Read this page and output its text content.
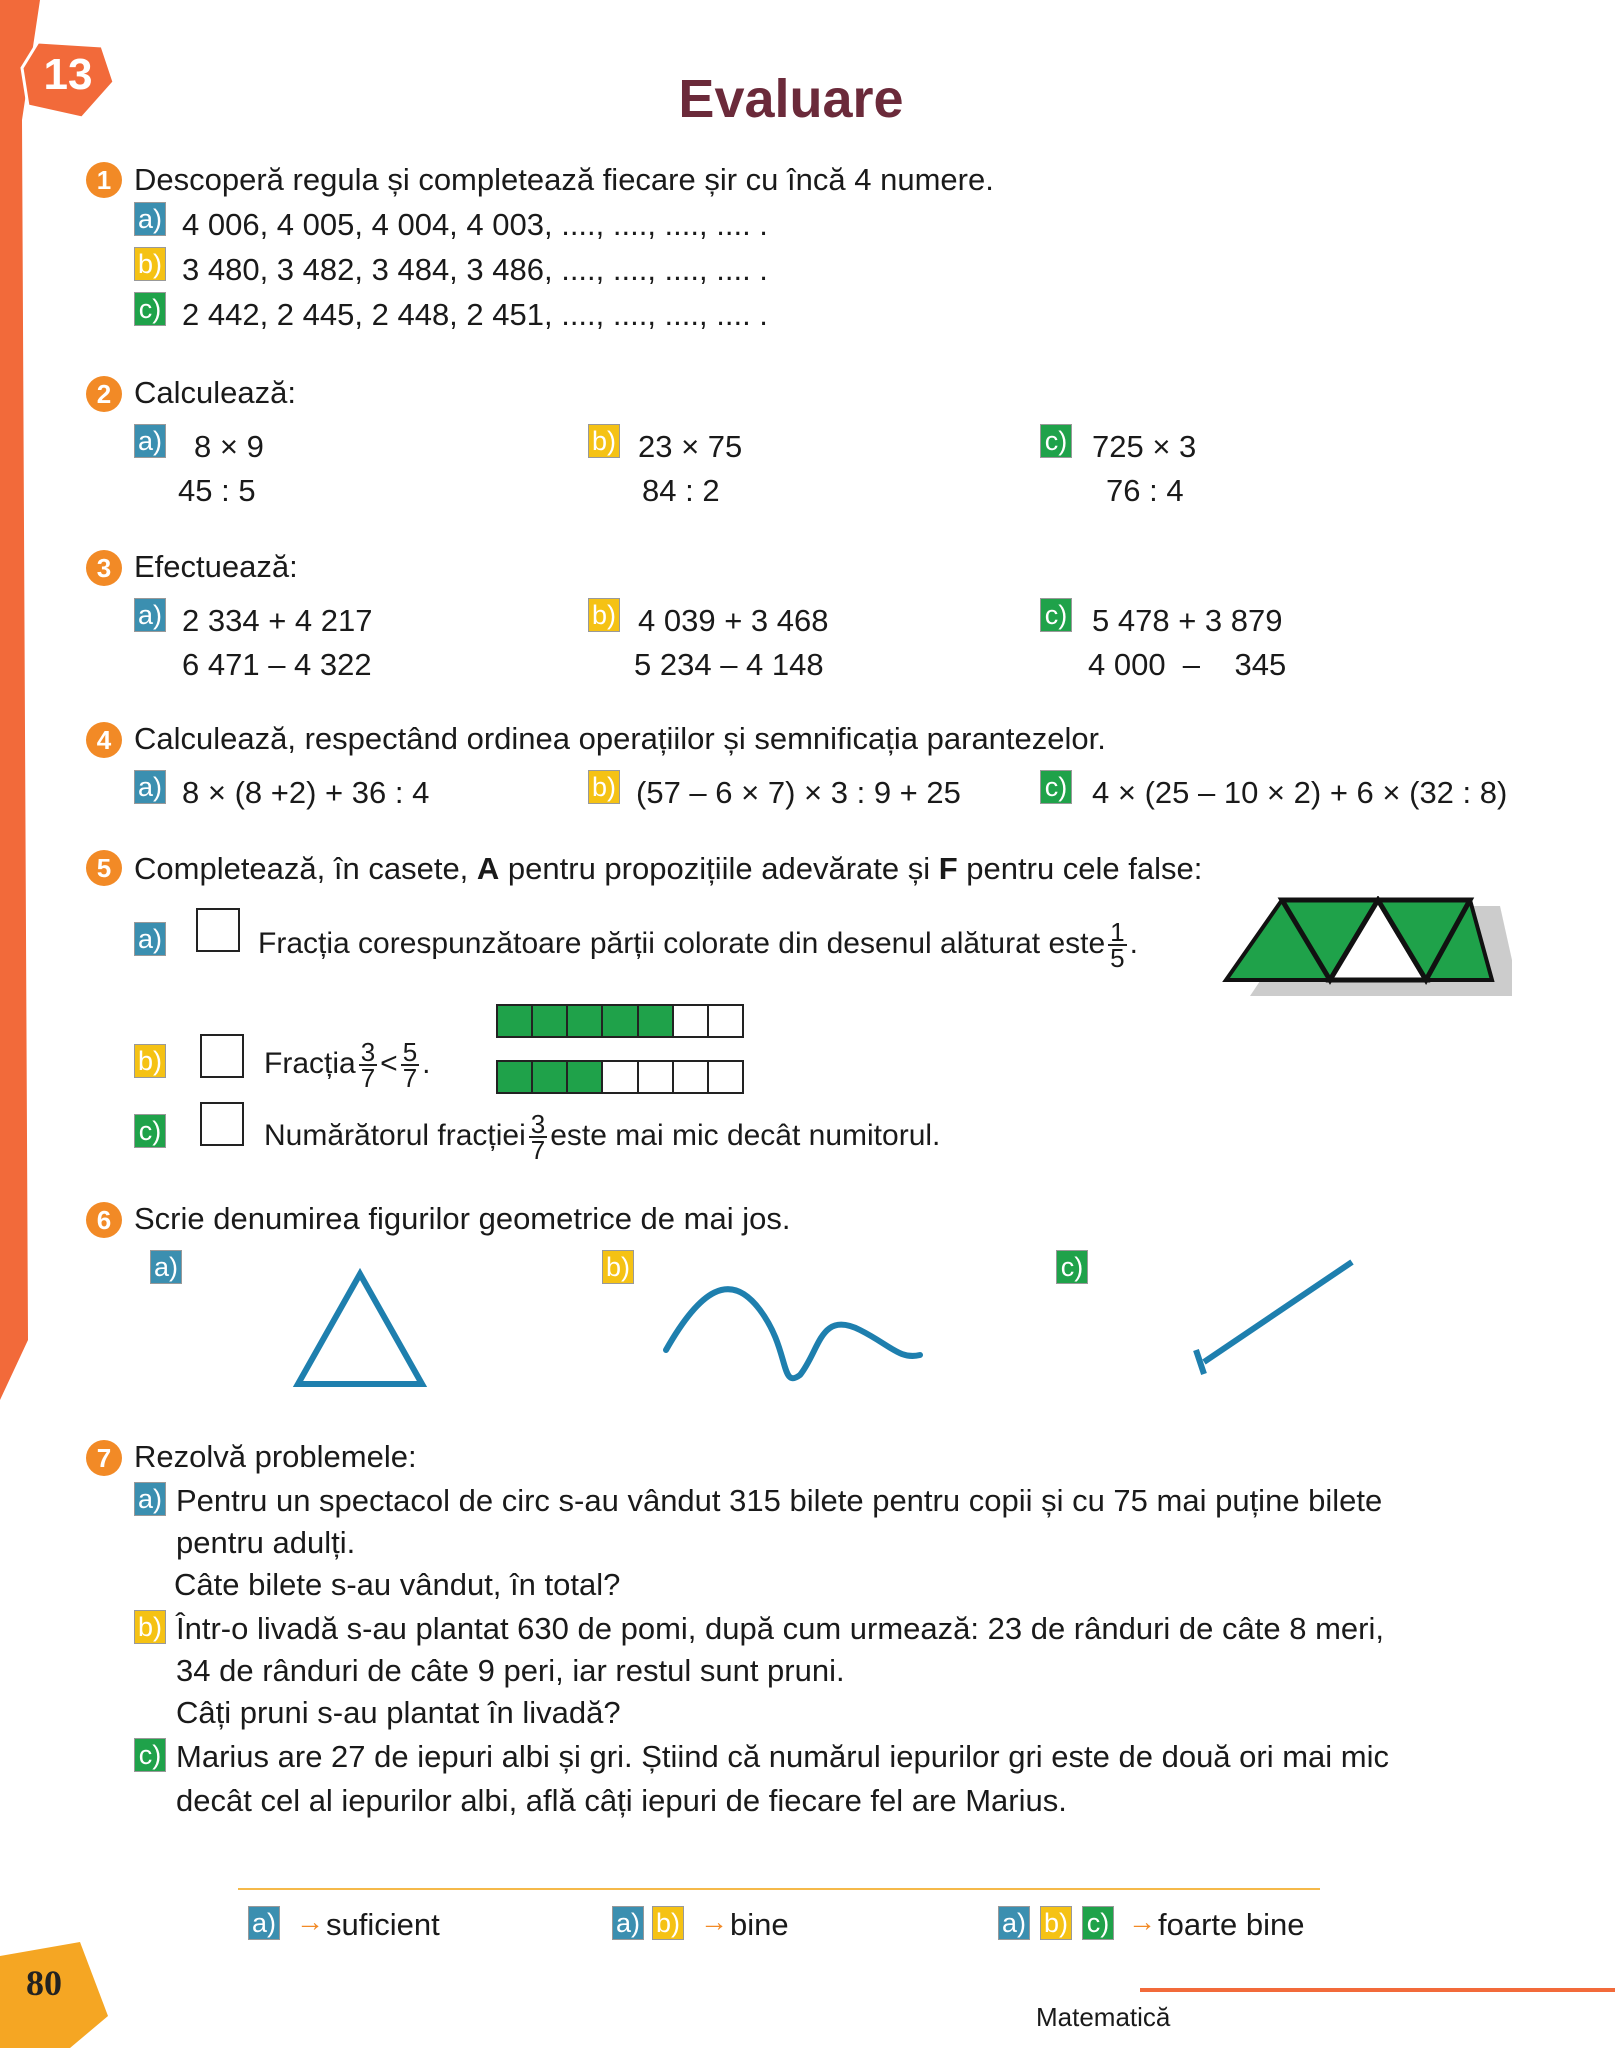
13	Evaluare
1 Descoperă regula și completează fiecare șir cu încă 4 numere.
a) 4 006, 4 005, 4 004, 4 003, ...., ...., ...., .... .
b) 3 480, 3 482, 3 484, 3 486, ...., ...., ...., .... .
c) 2 442, 2 445, 2 448, 2 451, ...., ...., ...., .... .
2 Calculează:
a) 8 × 9
45 : 5
b) 23 × 75
84 : 2
c) 725 × 3
76 : 4
3 Efectuează:
a) 2 334 + 4 217
6 471 – 4 322
b) 4 039 + 3 468
5 234 – 4 148
c) 5 478 + 3 879
4 000  –    345
4 Calculează, respectând ordinea operațiilor și semnificația parantezelor.
a) 8 × (8 +2) + 36 : 4	b) (57 – 6 × 7) × 3 : 9 + 25	c) 4 × (25 – 10 × 2) + 6 × (32 : 8)
5 Completează, în casete, A pentru propozițiile adevărate și F pentru cele false:
a)	Fracția corespunzătoare părții colorate din desenul alăturat este $\frac{1}{5}$ .
b)	Fracția $\frac{3}{7} < \frac{5}{7}$ .
c)	Numărătorul fracției $\frac{3}{7}$ este mai mic decât numitorul.
6 Scrie denumirea figurilor geometrice de mai jos.
a)	b)	c)
7 Rezolvă problemele:
a) Pentru un spectacol de circ s-au vândut 315 bilete pentru copii și cu 75 mai puține bilete
pentru adulți.
Câte bilete s-au vândut, în total?
b) Într-o livadă s-au plantat 630 de pomi, după cum urmează: 23 de rânduri de câte 8 meri,
34 de rânduri de câte 9 peri, iar restul sunt pruni.
Câți pruni s-au plantat în livadă?
c) Marius are 27 de iepuri albi și gri. Știind că numărul iepurilor gri este de două ori mai mic
decât cel al iepurilor albi, află câți iepuri de fiecare fel are Marius.
a) → suficient	a) b) → bine	a) b) c) → foarte bine
80
Matematică
